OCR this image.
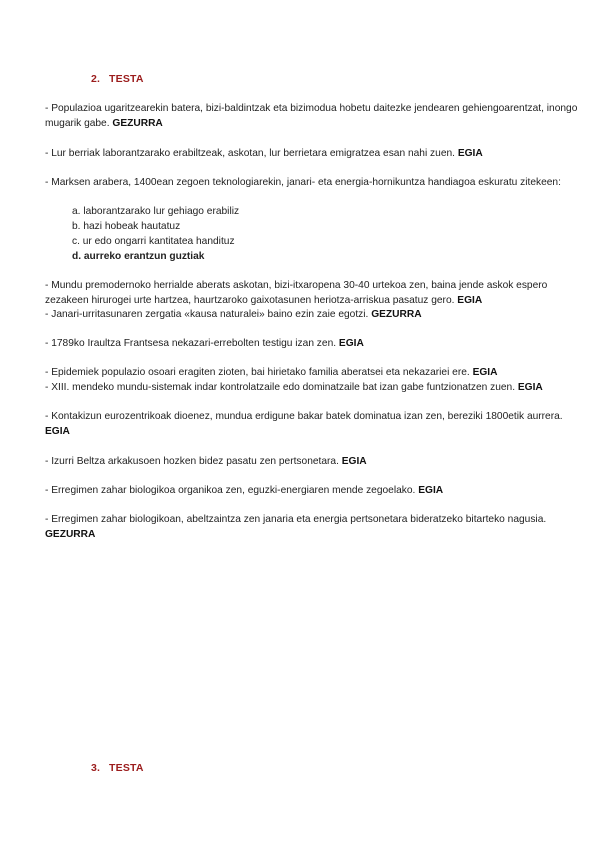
2. TESTA
- Populazioa ugaritzearekin batera, bizi-baldintzak eta bizimodua hobetu daitezke jendearen gehiengoarentzat, inongo mugarik gabe. GEZURRA
- Lur berriak laborantzarako erabiltzeak, askotan, lur berrietara emigratzea esan nahi zuen. EGIA
- Marksen arabera, 1400ean zegoen teknologiarekin, janari- eta energia-hornikuntza handiagoa eskuratu zitekeen:
a. laborantzarako lur gehiago erabiliz
b. hazi hobeak hautatuz
c. ur edo ongarri kantitatea handituz
d. aurreko erantzun guztiak
- Mundu premodernoko herrialde aberats askotan, bizi-itxaropena 30-40 urtekoa zen, baina jende askok espero zezakeen hirurogei urte hartzea, haurtzaroko gaixotasunen heriotza-arriskua pasatuz gero. EGIA
- Janari-urritasunaren zergatia «kausa naturalei» baino ezin zaie egotzi. GEZURRA
- 1789ko Iraultza Frantsesa nekazari-errebolten testigu izan zen. EGIA
- Epidemiek populazio osoari eragiten zioten, bai hirietako familia aberatsei eta nekazariei ere. EGIA
- XIII. mendeko mundu-sistemak indar kontrolatzaile edo dominatzaile bat izan gabe funtzionatzen zuen. EGIA
- Kontakizun eurozentrikoak dioenez, mundua erdigune bakar batek dominatua izan zen, bereziki 1800etik aurrera. EGIA
- Izurri Beltza arkakusoen hozken bidez pasatu zen pertsonetara. EGIA
- Erregimen zahar biologikoa organikoa zen, eguzki-energiaren mende zegoelako. EGIA
- Erregimen zahar biologikoan, abeltzaintza zen janaria eta energia pertsonetara bideratzeko bitarteko nagusia. GEZURRA
3. TESTA
